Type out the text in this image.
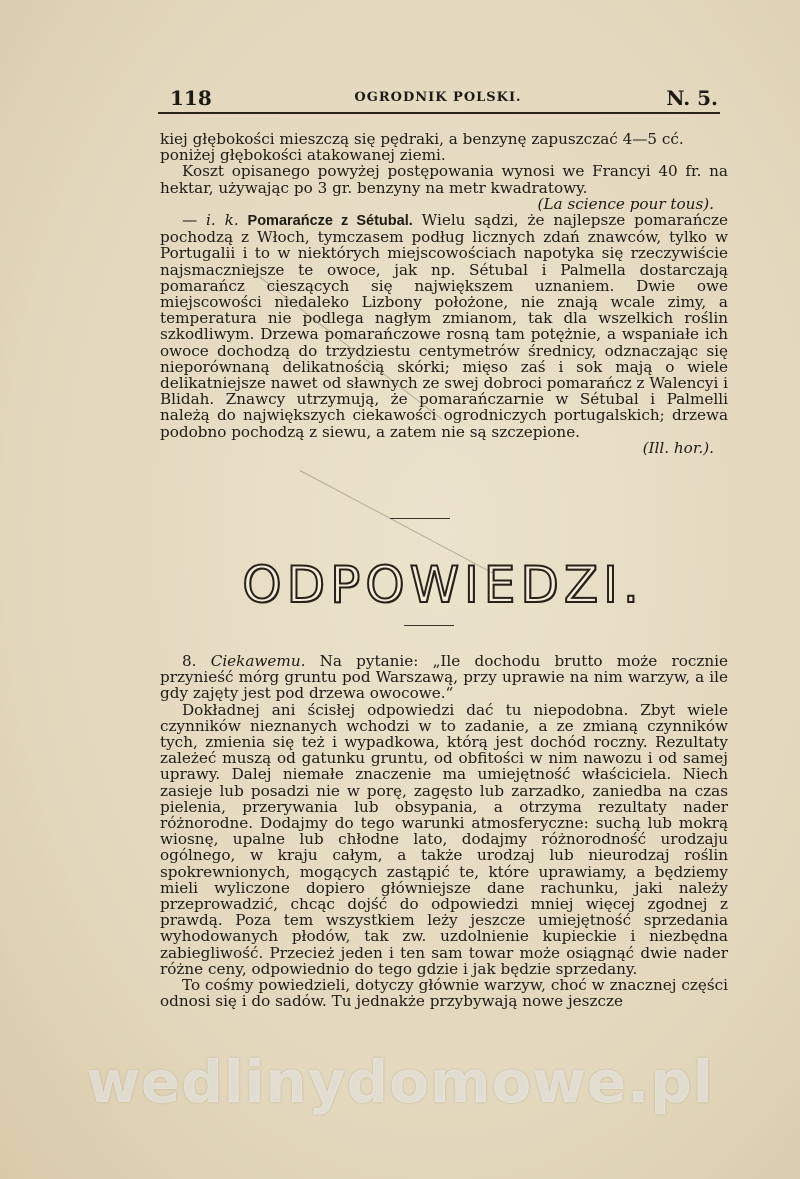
118	OGRODNIK POLSKI.	N. 5.

kiej głębokości mieszczą się pędraki, a benzynę zapuszczać 4—5 cć.

poniżej głębokości atakowanej ziemi.

Koszt opisanego powyżej postępowania wynosi we Francyi 40 fr. na hektar, używając po 3 gr. benzyny na metr kwadratowy.

(La science pour tous).

— i. k. Pomarańcze z Sétubal. Wielu sądzi, że najlepsze pomarańcze pochodzą z Włoch, tymczasem podług licznych zdań znawców, tylko w Portugalii i to w niektórych miejscowościach napotyka się rzeczywiście najsmaczniejsze te owoce, jak np. Sétubal i Palmella dostarczają pomarańcz cieszących się największem uznaniem. Dwie owe miejscowości niedaleko Lizbony położone, nie znają wcale zimy, a temperatura nie podlega nagłym zmianom, tak dla wszelkich roślin szkodliwym. Drzewa pomarańczowe rosną tam potężnie, a wspaniałe ich owoce dochodzą do trzydziestu centymetrów średnicy, odznaczając się nieporównaną delikatnością skórki; mięso zaś i sok mają o wiele delikatniejsze nawet od sławnych ze swej dobroci pomarańcz z Walencyi i Blidah. Znawcy utrzymują, że pomarańczarnie w Sétubal i Palmelli należą do największych ciekawości ogrodniczych portugalskich; drzewa podobno pochodzą z siewu, a zatem nie są szczepione.

(Ill. hor.).

ODPOWIEDZI.

8. Ciekawemu. Na pytanie: „Ile dochodu brutto może rocznie przynieść mórg gruntu pod Warszawą, przy uprawie na nim warzyw, a ile gdy zajęty jest pod drzewa owocowe.“

Dokładnej ani ścisłej odpowiedzi dać tu niepodobna. Zbyt wiele czynników nieznanych wchodzi w to zadanie, a ze zmianą czynników tych, zmienia się też i wypadkowa, którą jest dochód roczny. Rezultaty zależeć muszą od gatunku gruntu, od obfitości w nim nawozu i od samej uprawy. Dalej niemałe znaczenie ma umiejętność właściciela. Niech zasieje lub posadzi nie w porę, zagęsto lub zarzadko, zaniedba na czas pielenia, przerywania lub obsypania, a otrzyma rezultaty nader różnorodne. Dodajmy do tego warunki atmosferyczne: suchą lub mokrą wiosnę, upalne lub chłodne lato, dodajmy różnorodność urodzaju ogólnego, w kraju całym, a także urodzaj lub nieurodzaj roślin spokrewnionych, mogących zastąpić te, które uprawiamy, a będziemy mieli wyliczone dopiero główniejsze dane rachunku, jaki należy przeprowadzić, chcąc dojść do odpowiedzi mniej więcej zgodnej z prawdą. Poza tem wszystkiem leży jeszcze umiejętność sprzedania wyhodowanych płodów, tak zw. uzdolnienie kupieckie i niezbędna zabiegliwość. Przecież jeden i ten sam towar może osiągnąć dwie nader różne ceny, odpowiednio do tego gdzie i jak będzie sprzedany.

To cośmy powiedzieli, dotyczy głównie warzyw, choć w znacznej części odnosi się i do sadów. Tu jednakże przybywają nowe jeszcze

wedlinydomowe.pl
